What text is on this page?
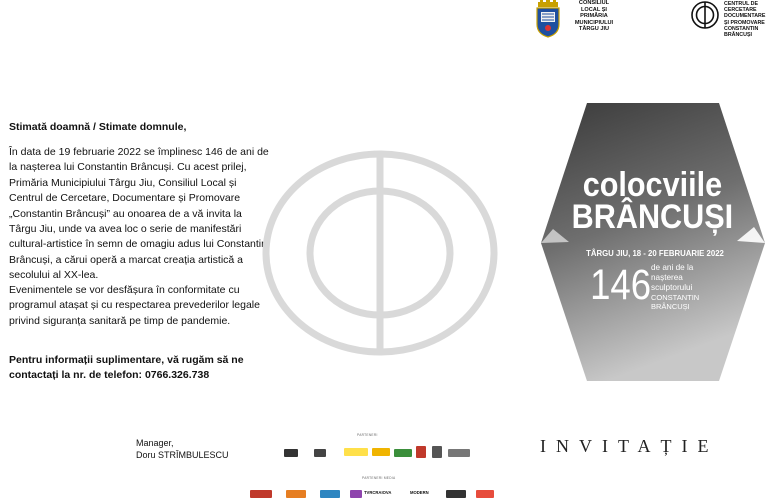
CONSILIUL
LOCAL ȘI
PRIMĂRIA
MUNICIPIULUI
TÂRGU JIU
CENTRUL DE
CERCETARE
DOCUMENTARE
ȘI PROMOVARE
CONSTANTIN
BRÂNCUȘI
Stimată doamnă / Stimate domnule,
În data de 19 februarie 2022 se împlinesc 146 de ani de la nașterea lui Constantin Brâncuși. Cu acest prilej, Primăria Municipiului Târgu Jiu, Consiliul Local și Centrul de Cercetare, Documentare și Promovare „Constantin Brâncuși” au onoarea de a vă invita la Târgu Jiu, unde va avea loc o serie de manifestări cultural-artistice în semn de omagiu adus lui Constantin Brâncuși, a cărui operă a marcat creația artistică a secolului al XX-lea.
Evenimentele se vor desfășura în conformitate cu programul atașat și cu respectarea prevederilor legale privind siguranța sanitară pe timp de pandemie.
Pentru informații suplimentare, vă rugăm să ne contactați la nr. de telefon: 0766.326.738
Manager,
Doru STRÎMBULESCU
colocviile
BRÂNCUȘI
TÂRGU JIU, 18 - 20 FEBRUARIE 2022
146 de ani de la
nașterea
sculptorului
CONSTANTIN
BRÂNCUȘI
INVITAȚIE
PARTENERI
PARTENERI MEDIA
TVRCRAIOVA	MODERN
